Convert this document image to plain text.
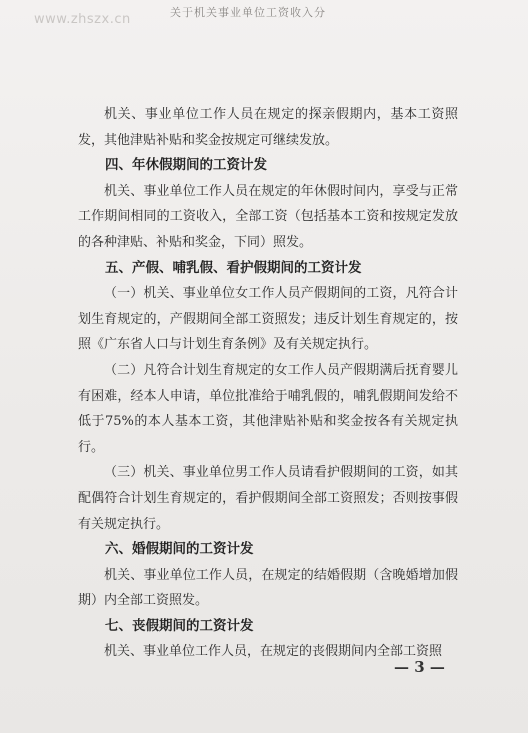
关于机关事业单位工资收入分
www.zhszx.cn

机关、事业单位工作人员在规定的探亲假期内，基本工资照发，其他津贴补贴和奖金按规定可继续发放。

四、年休假期间的工资计发

机关、事业单位工作人员在规定的年休假时间内，享受与正常工作期间相同的工资收入，全部工资（包括基本工资和按规定发放的各种津贴、补贴和奖金，下同）照发。

五、产假、哺乳假、看护假期间的工资计发

（一）机关、事业单位女工作人员产假期间的工资，凡符合计划生育规定的，产假期间全部工资照发；违反计划生育规定的，按照《广东省人口与计划生育条例》及有关规定执行。

（二）凡符合计划生育规定的女工作人员产假期满后抚育婴儿有困难，经本人申请，单位批准给于哺乳假的，哺乳假期间发给不低于75%的本人基本工资，其他津贴补贴和奖金按各有关规定执行。

（三）机关、事业单位男工作人员请看护假期间的工资，如其配偶符合计划生育规定的，看护假期间全部工资照发；否则按事假有关规定执行。

六、婚假期间的工资计发

机关、事业单位工作人员，在规定的结婚假期（含晚婚增加假期）内全部工资照发。

七、丧假期间的工资计发

机关、事业单位工作人员，在规定的丧假期间内全部工资照

— 3 —
